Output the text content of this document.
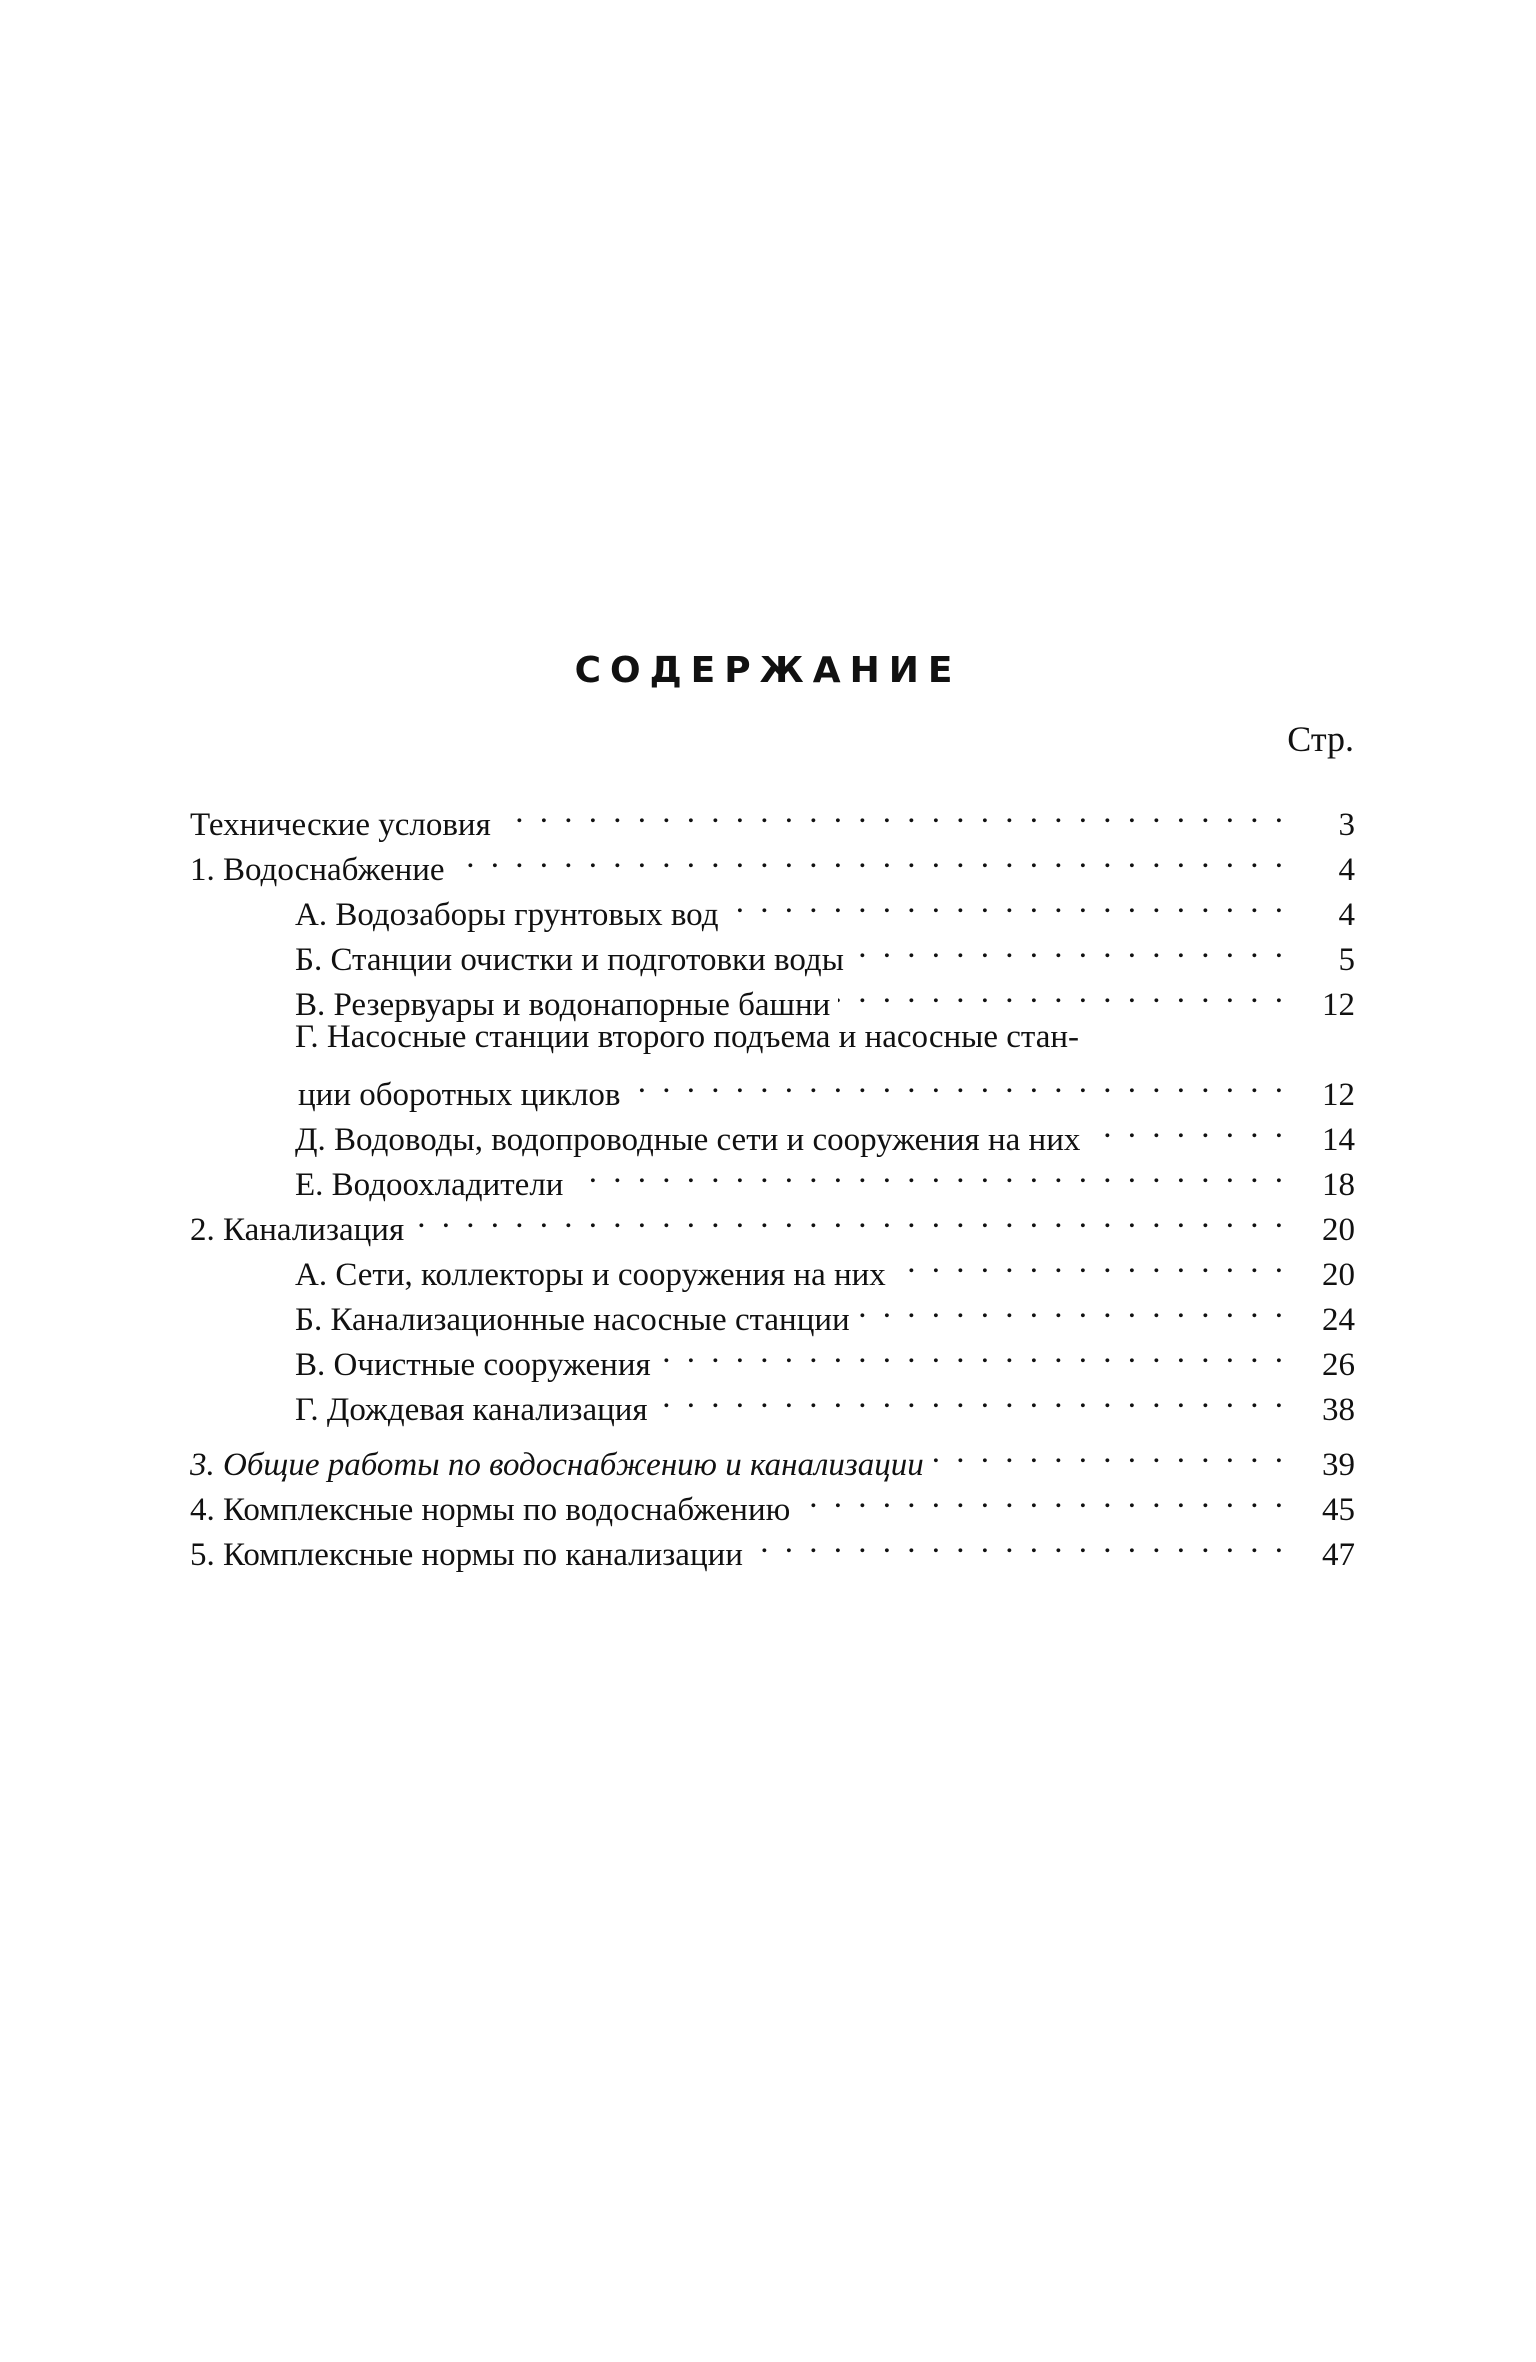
СОДЕРЖАНИЕ
Стр.
Технические условия . . .	3
1. Водоснабжение . . .	4
А. Водозаборы грунтовых вод . . .	4
Б. Станции очистки и подготовки воды . . .	5
В. Резервуары и водонапорные башни . . .	12
Г. Насосные станции второго подъема и насосные стан-
ции оборотных циклов . . .	12
Д. Водоводы, водопроводные сети и сооружения на них . . .	14
Е. Водоохладители . . .	18
2. Канализация . . .	20
А. Сети, коллекторы и сооружения на них . . .	20
Б. Канализационные насосные станции . . .	24
В. Очистные сооружения . . .	26
Г. Дождевая канализация . . .	38
3. Общие работы по водоснабжению и канализации . . .	39
4. Комплексные нормы по водоснабжению . . .	45
5. Комплексные нормы по канализации . . .	47
